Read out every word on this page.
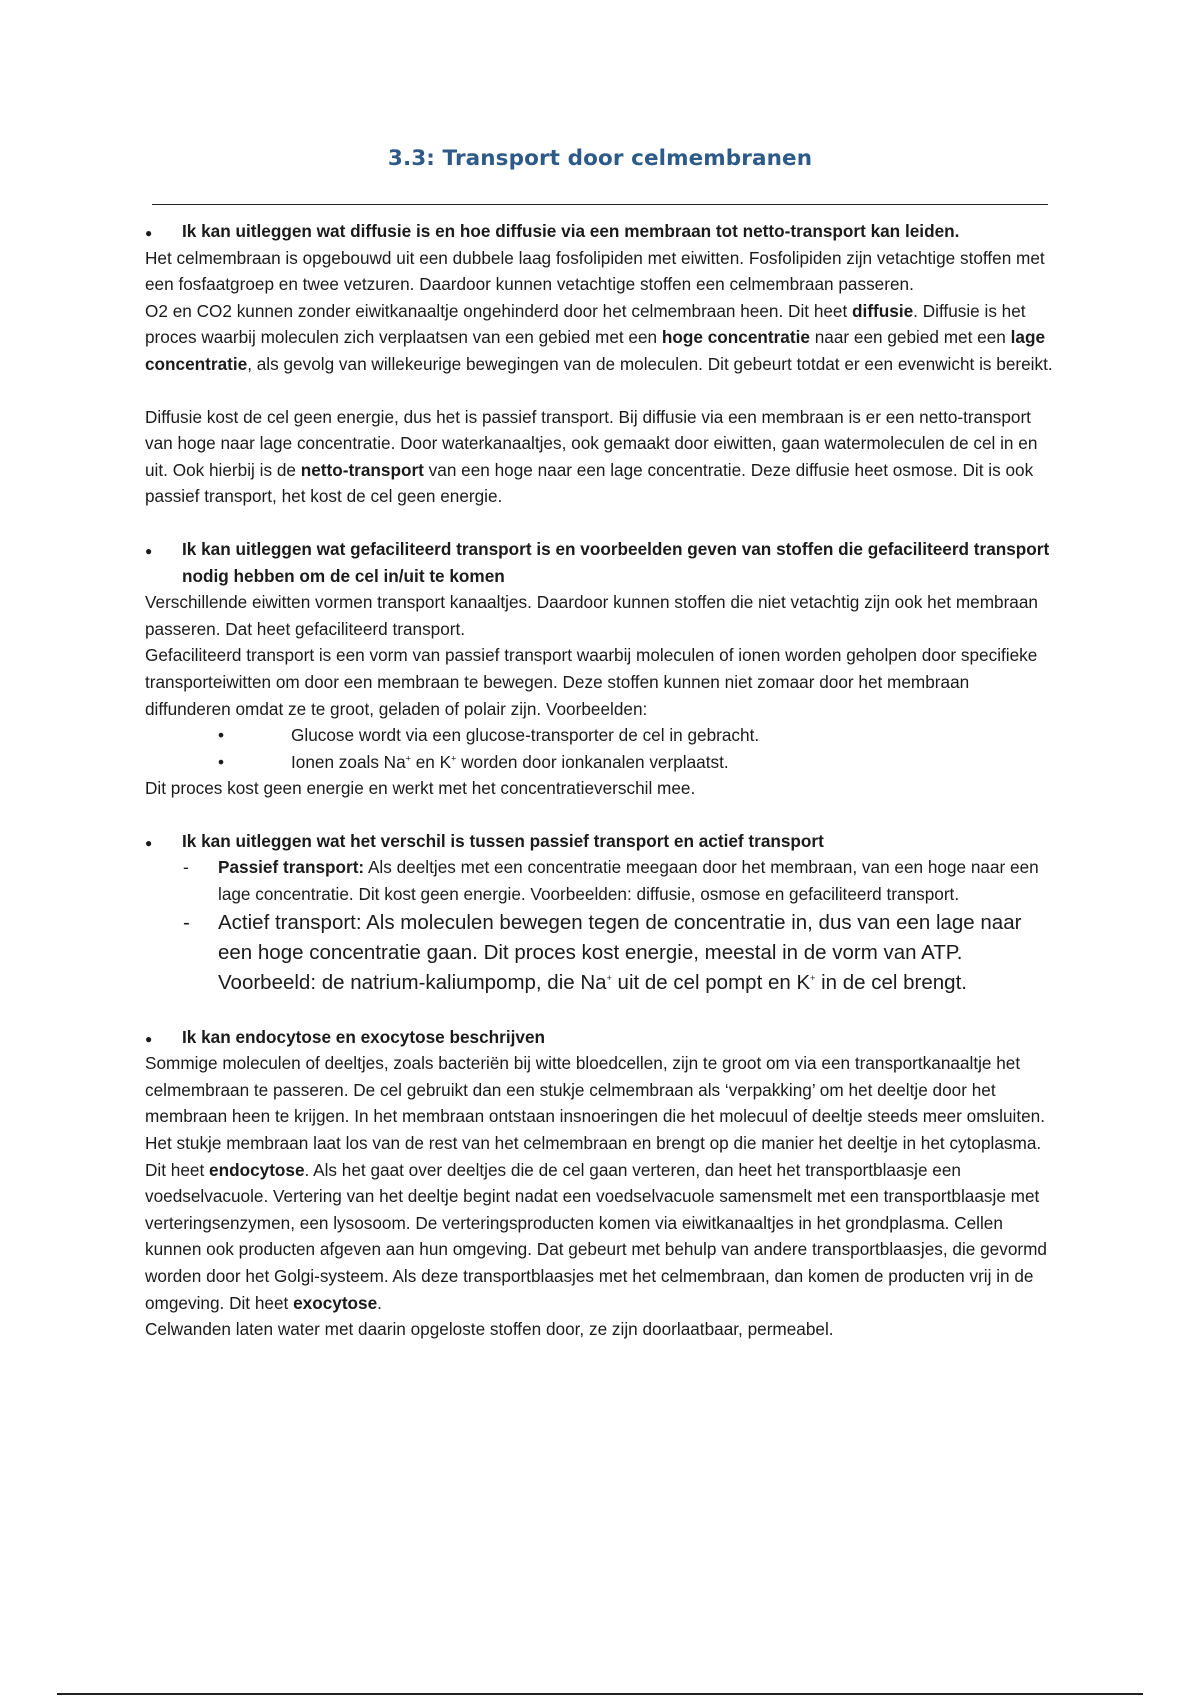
3.3: Transport door celmembranen
●
Ik kan uitleggen wat diffusie is en hoe diffusie via een membraan tot netto-transport kan leiden.

Het celmembraan is opgebouwd uit een dubbele laag fosfolipiden met eiwitten. Fosfolipiden zijn vetachtige stoffen met een fosfaatgroep en twee vetzuren. Daardoor kunnen vetachtige stoffen een celmembraan passeren.

O2 en CO2 kunnen zonder eiwitkanaaltje ongehinderd door het celmembraan heen. Dit heet diffusie. Diffusie is het proces waarbij moleculen zich verplaatsen van een gebied met een hoge concentratie naar een gebied met een lage concentratie, als gevolg van willekeurige bewegingen van de moleculen. Dit gebeurt totdat er een evenwicht is bereikt.

Diffusie kost de cel geen energie, dus het is passief transport. Bij diffusie via een membraan is er een netto-transport van hoge naar lage concentratie. Door waterkanaaltjes, ook gemaakt door eiwitten, gaan watermoleculen de cel in en uit. Ook hierbij is de netto-transport van een hoge naar een lage concentratie. Deze diffusie heet osmose. Dit is ook passief transport, het kost de cel geen energie.

●
Ik kan uitleggen wat gefaciliteerd transport is en voorbeelden geven van stoffen die gefaciliteerd transport nodig hebben om de cel in/uit te komen

Verschillende eiwitten vormen transport kanaaltjes. Daardoor kunnen stoffen die niet vetachtig zijn ook het membraan passeren. Dat heet gefaciliteerd transport.

Gefaciliteerd transport is een vorm van passief transport waarbij moleculen of ionen worden geholpen door specifieke transporteiwitten om door een membraan te bewegen. Deze stoffen kunnen niet zomaar door het membraan diffunderen omdat ze te groot, geladen of polair zijn. Voorbeelden:

•	Glucose wordt via een glucose-transporter de cel in gebracht.
•	Ionen zoals Na+ en K+ worden door ionkanalen verplaatst.

Dit proces kost geen energie en werkt met het concentratieverschil mee.

●
Ik kan uitleggen wat het verschil is tussen passief transport en actief transport
- Passief transport: Als deeltjes met een concentratie meegaan door het membraan, van een hoge naar een lage concentratie. Dit kost geen energie. Voorbeelden: diffusie, osmose en gefaciliteerd transport.
- Actief transport: Als moleculen bewegen tegen de concentratie in, dus van een lage naar een hoge concentratie gaan. Dit proces kost energie, meestal in de vorm van ATP. Voorbeeld: de natrium-kaliumpomp, die Na+ uit de cel pompt en K+ in de cel brengt.
●
Ik kan endocytose en exocytose beschrijven

Sommige moleculen of deeltjes, zoals bacteriën bij witte bloedcellen, zijn te groot om via een transportkanaaltje het celmembraan te passeren. De cel gebruikt dan een stukje celmembraan als ‘verpakking’ om het deeltje door het membraan heen te krijgen. In het membraan ontstaan insnoeringen die het molecuul of deeltje steeds meer omsluiten. Het stukje membraan laat los van de rest van het celmembraan en brengt op die manier het deeltje in het cytoplasma. Dit heet endocytose. Als het gaat over deeltjes die de cel gaan verteren, dan heet het transportblaasje een voedselvacuole. Vertering van het deeltje begint nadat een voedselvacuole samensmelt met een transportblaasje met verteringsenzymen, een lysosoom. De verteringsproducten komen via eiwitkanaaltjes in het grondplasma. Cellen kunnen ook producten afgeven aan hun omgeving. Dat gebeurt met behulp van andere transportblaasjes, die gevormd worden door het Golgi-systeem. Als deze transportblaasjes met het celmembraan, dan komen de producten vrij in de omgeving. Dit heet exocytose.

Celwanden laten water met daarin opgeloste stoffen door, ze zijn doorlaatbaar, permeabel.
